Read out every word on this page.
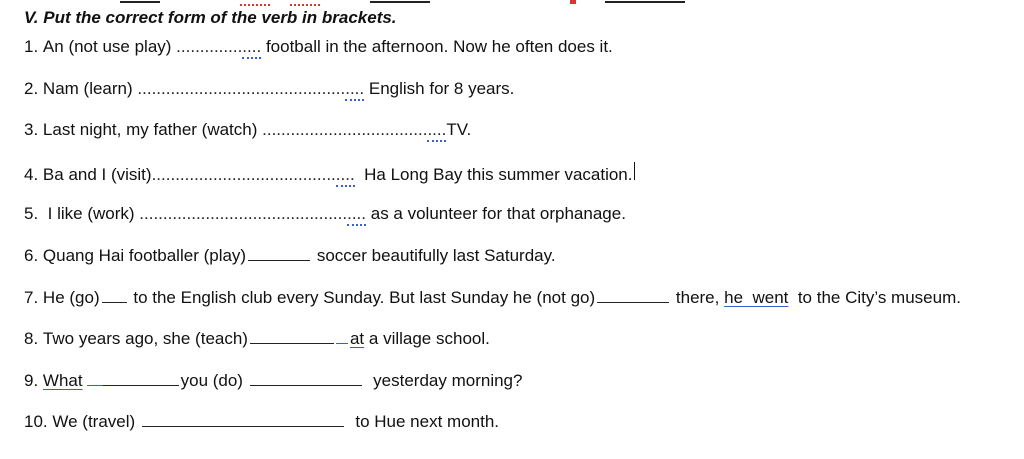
V. Put the correct form of the verb in brackets.
1.
An (not use play)
.............. ....
football in the afternoon. Now he often does it.
2.
Nam (learn)
............................................ ....
English for 8 years.
3.
Last night, my father (watch)
................................... .... TV.
4.
Ba and I (visit) ....................................... ....
Ha Long Bay this summer vacation.
5.
I like (work)
............................................ ....
as a volunteer for that orphanage.
6.
Quang Hai footballer (play)
	soccer beautifully last Saturday.
7.
He (go)
to the English club every Sunday. But last Sunday he (not go)
	there,
he  went
to the City’s museum.
8.
Two years ago, she (teach)	at
a village school.
9.
What	you (do)

	yesterday morning?
10.
We (travel)

	to Hue next month.
